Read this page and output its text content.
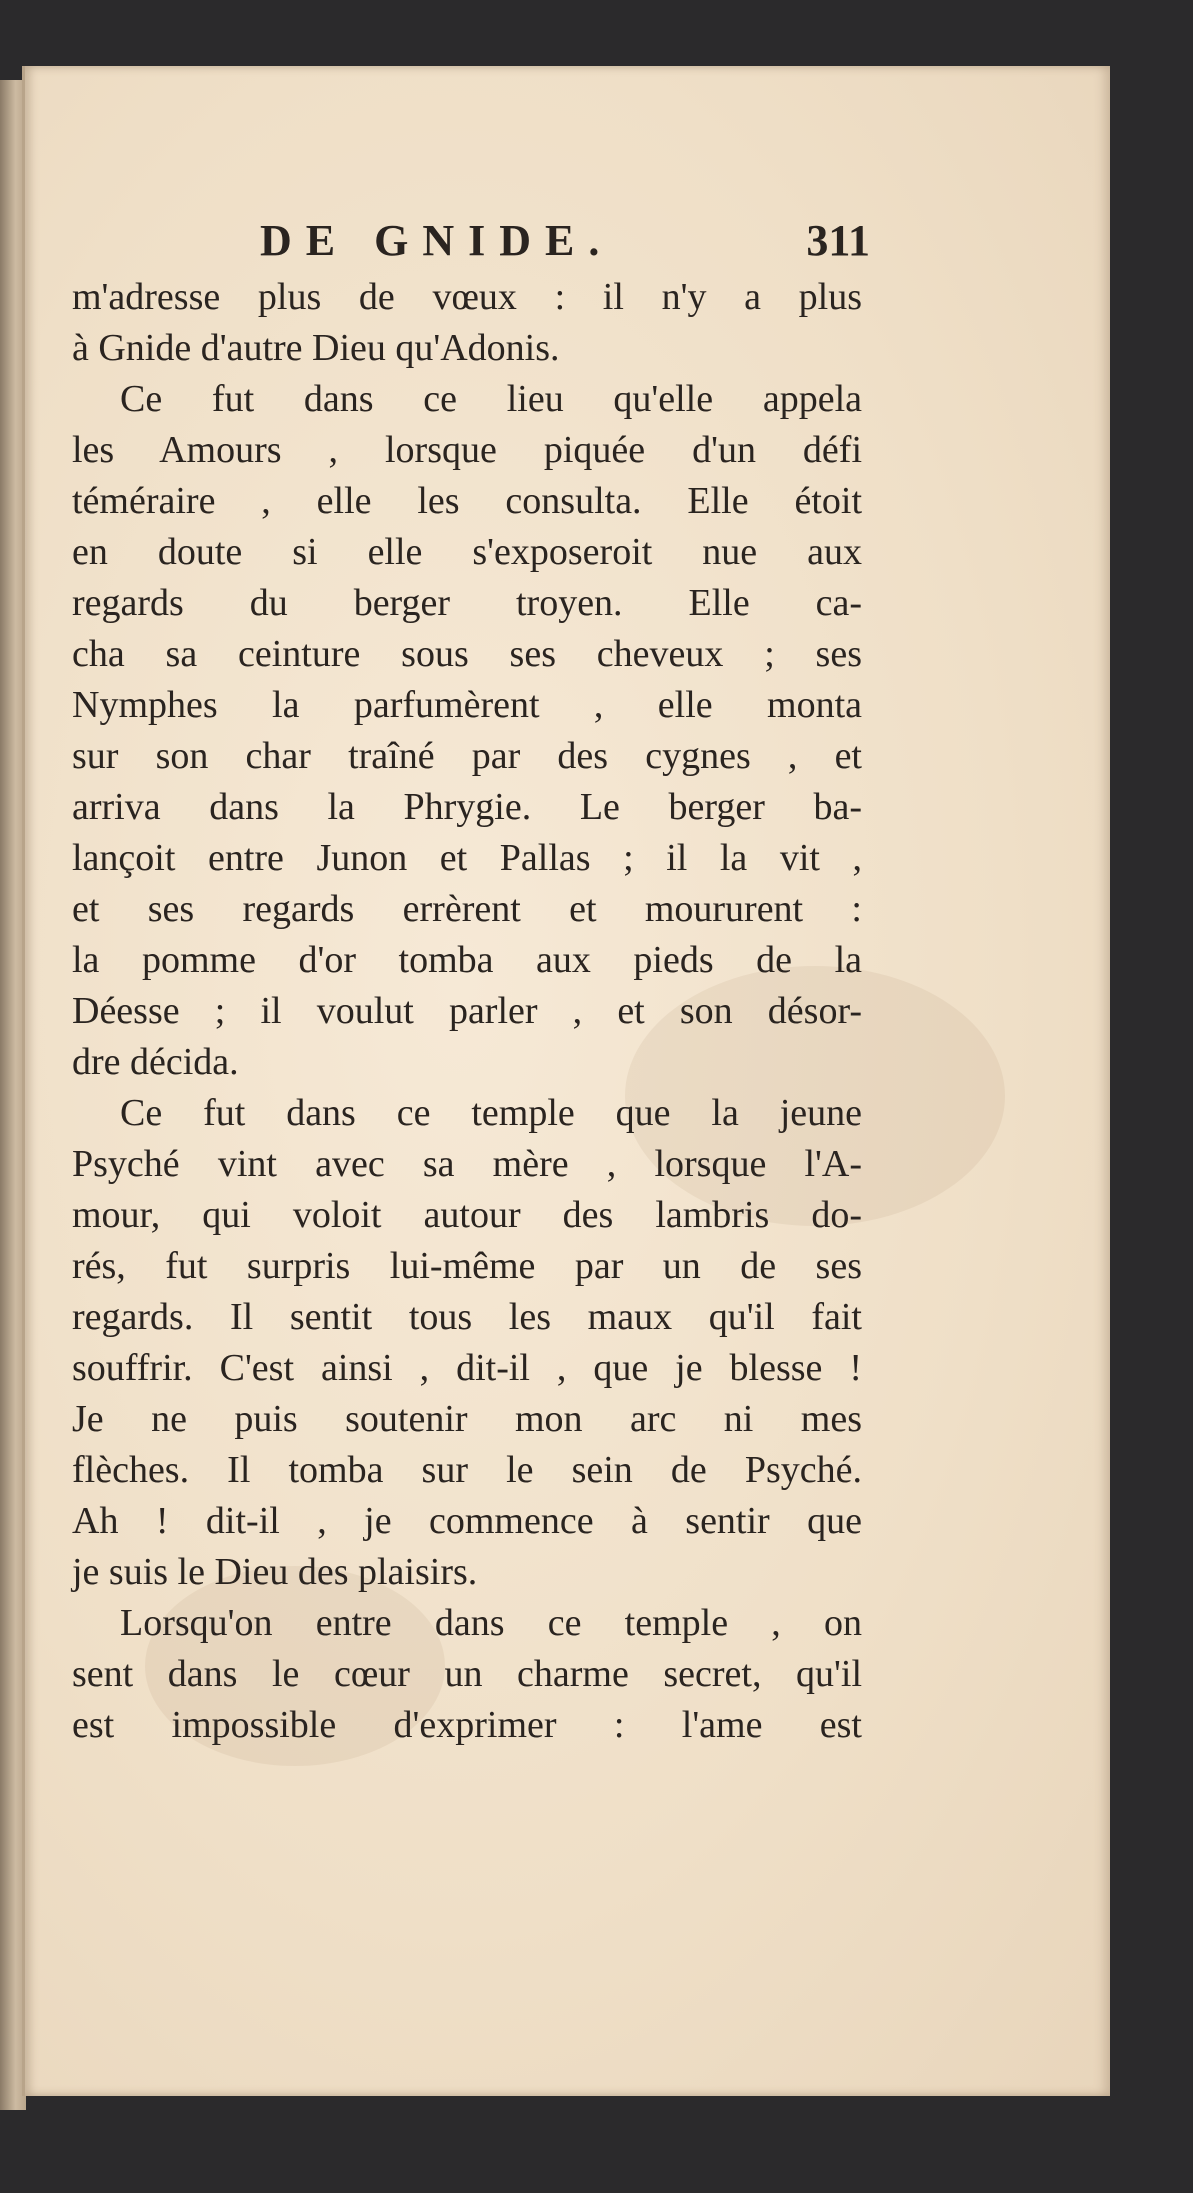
DE GNIDE.	311
m'adresse plus de vœux : il n'y a plus
à Gnide d'autre Dieu qu'Adonis.
Ce fut dans ce lieu qu'elle appela
les Amours , lorsque piquée d'un défi
téméraire , elle les consulta. Elle étoit
en doute si elle s'exposeroit nue aux
regards du berger troyen. Elle ca-
cha sa ceinture sous ses cheveux ; ses
Nymphes la parfumèrent , elle monta
sur son char traîné par des cygnes , et
arriva dans la Phrygie. Le berger ba-
lançoit entre Junon et Pallas ; il la vit ,
et ses regards errèrent et moururent :
la pomme d'or tomba aux pieds de la
Déesse ; il voulut parler , et son désor-
dre décida.
Ce fut dans ce temple que la jeune
Psyché vint avec sa mère , lorsque l'A-
mour, qui voloit autour des lambris do-
rés, fut surpris lui-même par un de ses
regards. Il sentit tous les maux qu'il fait
souffrir. C'est ainsi , dit-il , que je blesse !
Je ne puis soutenir mon arc ni mes
flèches. Il tomba sur le sein de Psyché.
Ah ! dit-il , je commence à sentir que
je suis le Dieu des plaisirs.
Lorsqu'on entre dans ce temple , on
sent dans le cœur un charme secret, qu'il
est impossible d'exprimer : l'ame est
